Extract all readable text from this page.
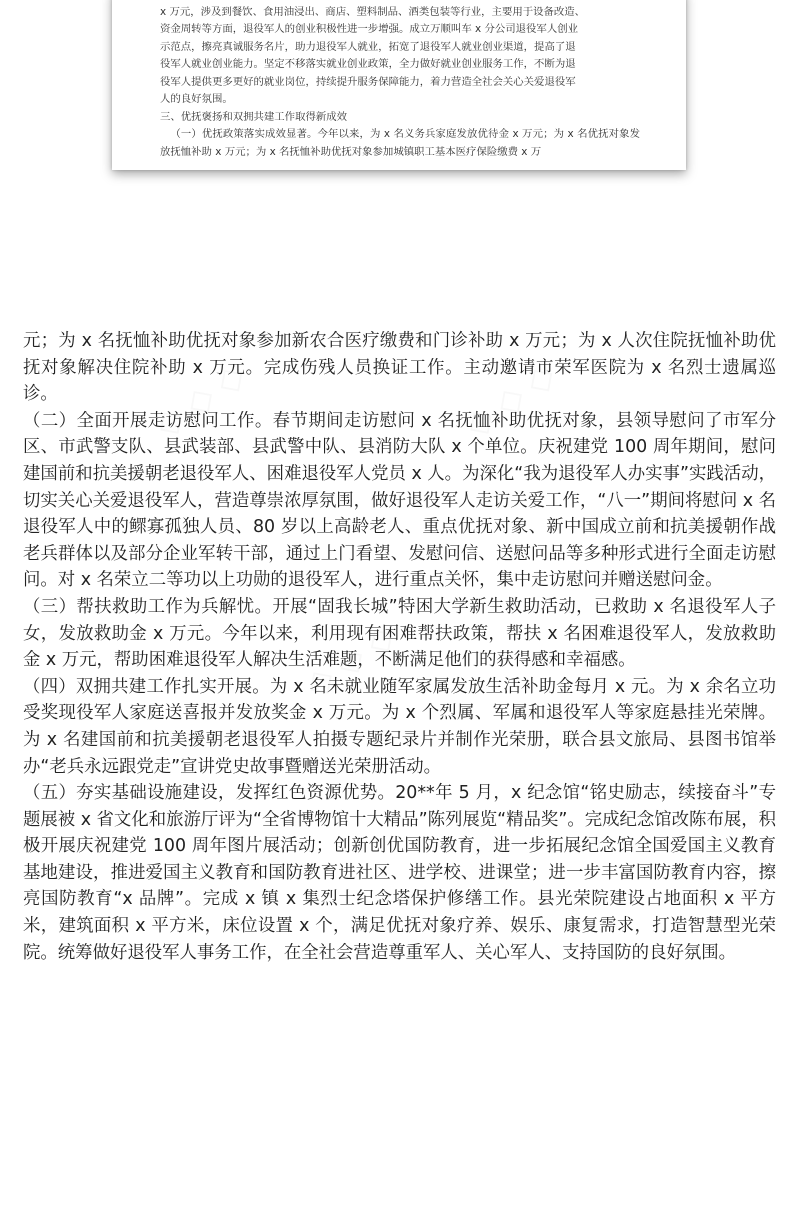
x 万元，涉及到餐饮、食用油浸出、商店、塑料制品、酒类包装等行业，主要用于设备改造、

资金周转等方面，退役军人的创业积极性进一步增强。成立万顺叫车 x 分公司退役军人创业

示范点，擦亮真诚服务名片，助力退役军人就业，拓宽了退役军人就业创业渠道，提高了退

役军人就业创业能力。坚定不移落实就业创业政策，全力做好就业创业服务工作，不断为退

役军人提供更多更好的就业岗位，持续提升服务保障能力，着力营造全社会关心关爱退役军

人的良好氛围。

三、优抚褒扬和双拥共建工作取得新成效

（一）优抚政策落实成效显著。今年以来，为 x 名义务兵家庭发放优待金 x 万元；为 x 名优抚对象发放抚恤补助 x 万元；为 x 名抚恤补助优抚对象参加城镇职工基本医疗保险缴费 x 万

元；为 x 名抚恤补助优抚对象参加新农合医疗缴费和门诊补助 x 万元；为 x 人次住院抚恤补助优抚对象解决住院补助 x 万元。完成伤残人员换证工作。主动邀请市荣军医院为 x 名烈士遗属巡诊。

（二）全面开展走访慰问工作。春节期间走访慰问 x 名抚恤补助优抚对象，县领导慰问了市军分区、市武警支队、县武装部、县武警中队、县消防大队 x 个单位。庆祝建党 100 周年期间，慰问建国前和抗美援朝老退役军人、困难退役军人党员 x 人。为深化“我为退役军人办实事”实践活动，切实关心关爱退役军人，营造尊崇浓厚氛围，做好退役军人走访关爱工作，“八一”期间将慰问 x 名退役军人中的鳏寡孤独人员、80 岁以上高龄老人、重点优抚对象、新中国成立前和抗美援朝作战老兵群体以及部分企业军转干部，通过上门看望、发慰问信、送慰问品等多种形式进行全面走访慰问。对 x 名荣立二等功以上功勋的退役军人，进行重点关怀，集中走访慰问并赠送慰问金。

（三）帮扶救助工作为兵解忧。开展“固我长城”特困大学新生救助活动，已救助 x 名退役军人子女，发放救助金 x 万元。今年以来，利用现有困难帮扶政策，帮扶 x 名困难退役军人，发放救助金 x 万元，帮助困难退役军人解决生活难题，不断满足他们的获得感和幸福感。

（四）双拥共建工作扎实开展。为 x 名未就业随军家属发放生活补助金每月 x 元。为 x 余名立功受奖现役军人家庭送喜报并发放奖金 x 万元。为 x 个烈属、军属和退役军人等家庭悬挂光荣牌。为 x 名建国前和抗美援朝老退役军人拍摄专题纪录片并制作光荣册，联合县文旅局、县图书馆举办“老兵永远跟党走”宣讲党史故事暨赠送光荣册活动。

（五）夯实基础设施建设，发挥红色资源优势。20**年 5 月，x 纪念馆“铭史励志，续接奋斗”专题展被 x 省文化和旅游厅评为“全省博物馆十大精品”陈列展览“精品奖”。完成纪念馆改陈布展，积极开展庆祝建党 100 周年图片展活动；创新创优国防教育，进一步拓展纪念馆全国爱国主义教育基地建设，推进爱国主义教育和国防教育进社区、进学校、进课堂；进一步丰富国防教育内容，擦亮国防教育“x 品牌”。完成 x 镇 x 集烈士纪念塔保护修缮工作。县光荣院建设占地面积 x 平方米，建筑面积 x 平方米，床位设置 x 个，满足优抚对象疗养、娱乐、康复需求，打造智慧型光荣院。统筹做好退役军人事务工作，在全社会营造尊重军人、关心军人、支持国防的良好氛围。

◇ ◇ ◇	◇ ◇ ◇
◇ ◇ ◇
